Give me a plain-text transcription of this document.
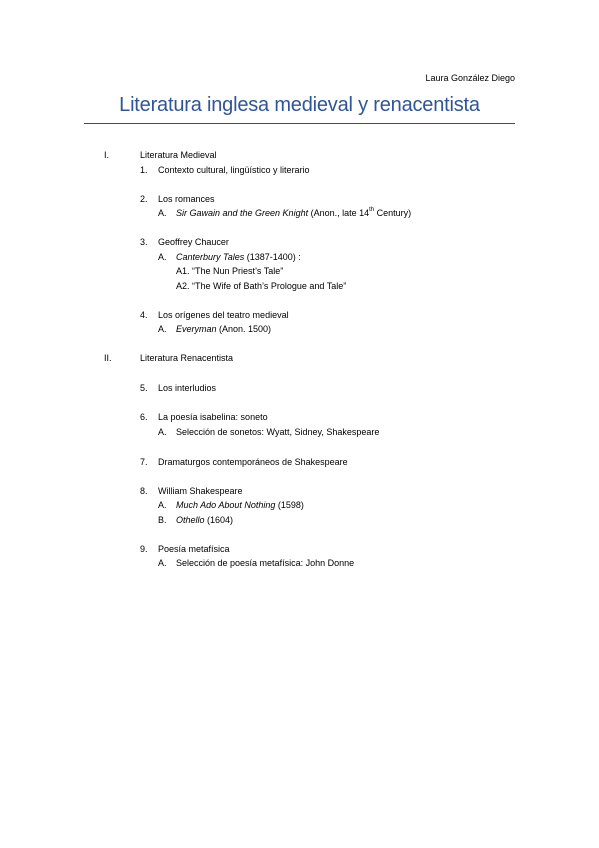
Laura González Diego
Literatura inglesa medieval y renacentista
I.	Literatura Medieval
1. Contexto cultural, lingüístico y literario
2. Los romances
A. Sir Gawain and the Green Knight (Anon., late 14th Century)
3. Geoffrey Chaucer
A. Canterbury Tales (1387-1400) :
A1. “The Nun Priest’s Tale”
A2. “The Wife of Bath’s Prologue and Tale”
4. Los orígenes del teatro medieval
A. Everyman (Anon. 1500)
II.	Literatura Renacentista
5. Los interludios
6. La poesía isabelina: soneto
A. Selección de sonetos: Wyatt, Sidney, Shakespeare
7. Dramaturgos contemporáneos de Shakespeare
8. William Shakespeare
A. Much Ado About Nothing (1598)
B. Othello (1604)
9. Poesía metafísica
A. Selección de poesía metafísica: John Donne
